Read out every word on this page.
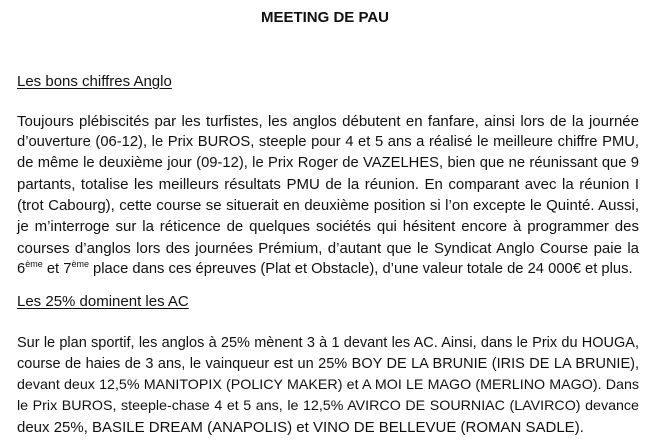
MEETING DE PAU
Les bons chiffres Anglo
Toujours plébiscités par les turfistes, les anglos débutent en fanfare, ainsi lors de la journée
d’ouverture (06-12), le Prix BUROS, steeple pour 4 et 5 ans a réalisé le meilleure chiffre PMU,
de même le deuxième jour (09-12), le Prix Roger de VAZELHES, bien que ne réunissant que 9
partants, totalise les meilleurs résultats PMU de la réunion. En comparant avec la réunion I
(trot Cabourg), cette course se situerait en deuxième position si l’on excepte le Quinté. Aussi,
je m’interroge sur la réticence de quelques sociétés qui hésitent encore à programmer des
courses d’anglos lors des journées Prémium, d’autant que le Syndicat Anglo Course paie la
6ème et 7ème place dans ces épreuves (Plat et Obstacle), d’une valeur totale de 24 000€ et plus.
Les 25% dominent les AC
Sur le plan sportif, les anglos à 25% mènent 3 à 1 devant les AC. Ainsi, dans le Prix du HOUGA,
course de haies de 3 ans, le vainqueur est un 25% BOY DE LA BRUNIE (IRIS DE LA BRUNIE),
devant deux 12,5% MANITOPIX (POLICY MAKER) et A MOI LE MAGO (MERLINO MAGO). Dans
le Prix BUROS, steeple-chase 4 et 5 ans, le 12,5% AVIRCO DE SOURNIAC (LAVIRCO) devance
deux 25%, BASILE DREAM (ANAPOLIS) et VINO DE BELLEVUE (ROMAN SADLE).
